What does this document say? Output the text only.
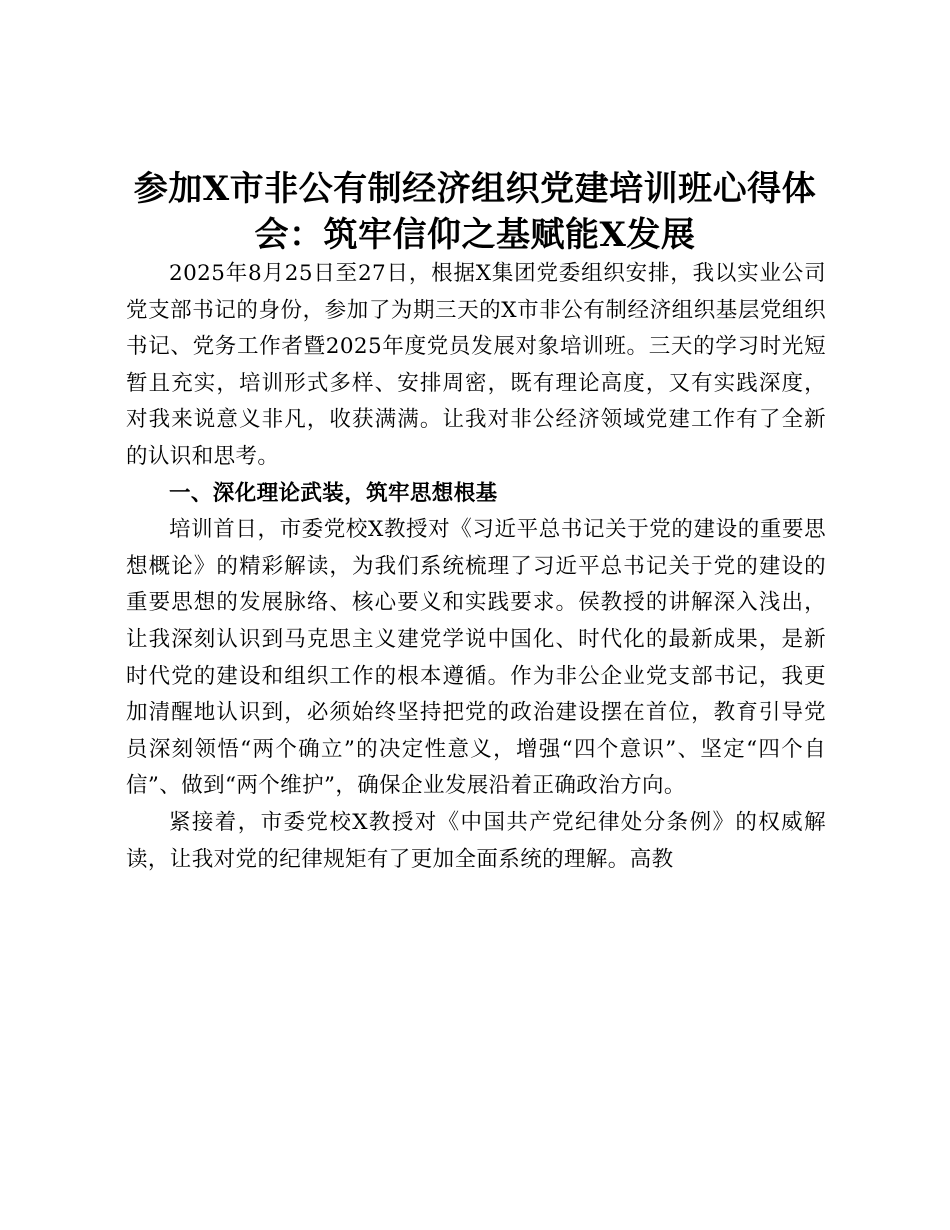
参加X市非公有制经济组织党建培训班心得体会：筑牢信仰之基赋能X发展

2025年8月25日至27日，根据X集团党委组织安排，我以实业公司党支部书记的身份，参加了为期三天的X市非公有制经济组织基层党组织书记、党务工作者暨2025年度党员发展对象培训班。三天的学习时光短暂且充实，培训形式多样、安排周密，既有理论高度，又有实践深度，对我来说意义非凡，收获满满。让我对非公经济领域党建工作有了全新的认识和思考。

一、深化理论武装，筑牢思想根基

培训首日，市委党校X教授对《习近平总书记关于党的建设的重要思想概论》的精彩解读，为我们系统梳理了习近平总书记关于党的建设的重要思想的发展脉络、核心要义和实践要求。侯教授的讲解深入浅出，让我深刻认识到马克思主义建党学说中国化、时代化的最新成果，是新时代党的建设和组织工作的根本遵循。作为非公企业党支部书记，我更加清醒地认识到，必须始终坚持把党的政治建设摆在首位，教育引导党员深刻领悟“两个确立”的决定性意义，增强“四个意识”、坚定“四个自信”、做到“两个维护”，确保企业发展沿着正确政治方向。

紧接着，市委党校X教授对《中国共产党纪律处分条例》的权威解读，让我对党的纪律规矩有了更加全面系统的理解。高教
